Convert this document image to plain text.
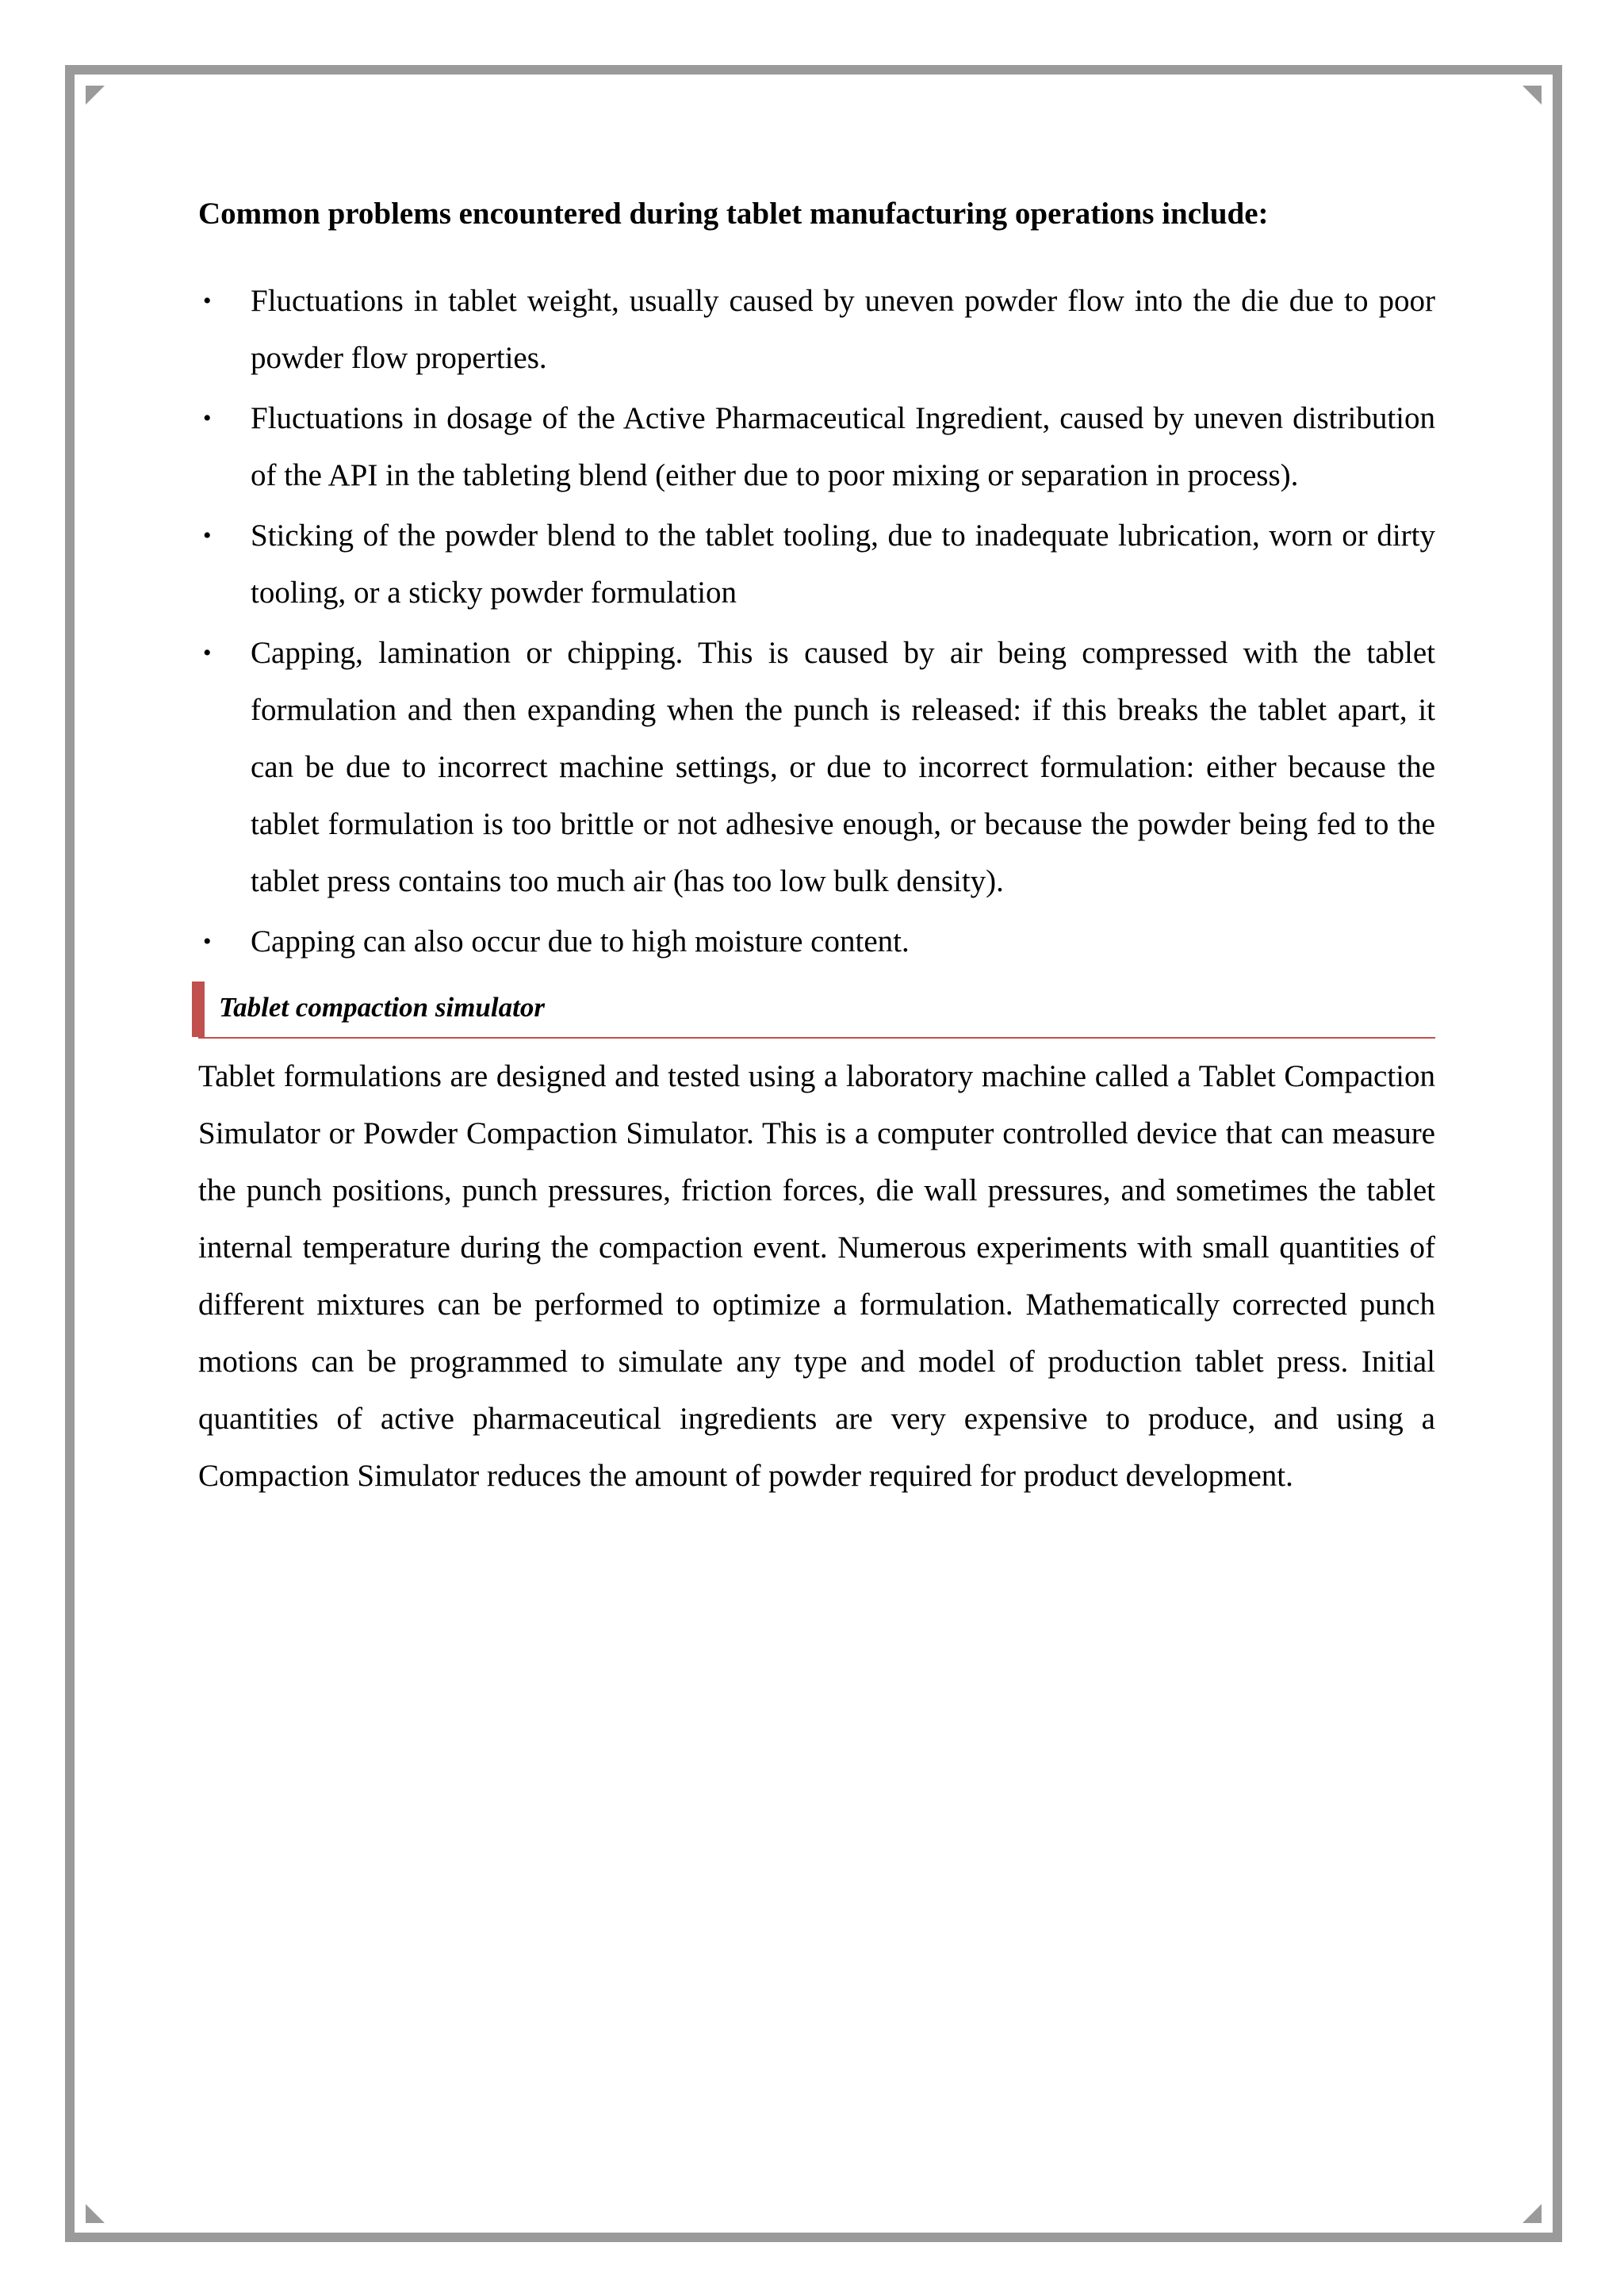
Common problems encountered during tablet manufacturing operations include:

• Fluctuations in tablet weight, usually caused by uneven powder flow into the die due to poor powder flow properties.
• Fluctuations in dosage of the Active Pharmaceutical Ingredient, caused by uneven distribution of the API in the tableting blend (either due to poor mixing or separation in process).
• Sticking of the powder blend to the tablet tooling, due to inadequate lubrication, worn or dirty tooling, or a sticky powder formulation
• Capping, lamination or chipping. This is caused by air being compressed with the tablet formulation and then expanding when the punch is released: if this breaks the tablet apart, it can be due to incorrect machine settings, or due to incorrect formulation: either because the tablet formulation is too brittle or not adhesive enough, or because the powder being fed to the tablet press contains too much air (has too low bulk density).
• Capping can also occur due to high moisture content.
Tablet compaction simulator

Tablet formulations are designed and tested using a laboratory machine called a Tablet Compaction Simulator or Powder Compaction Simulator. This is a computer controlled device that can measure the punch positions, punch pressures, friction forces, die wall pressures, and sometimes the tablet internal temperature during the compaction event. Numerous experiments with small quantities of different mixtures can be performed to optimize a formulation. Mathematically corrected punch motions can be programmed to simulate any type and model of production tablet press. Initial quantities of active pharmaceutical ingredients are very expensive to produce, and using a Compaction Simulator reduces the amount of powder required for product development.
